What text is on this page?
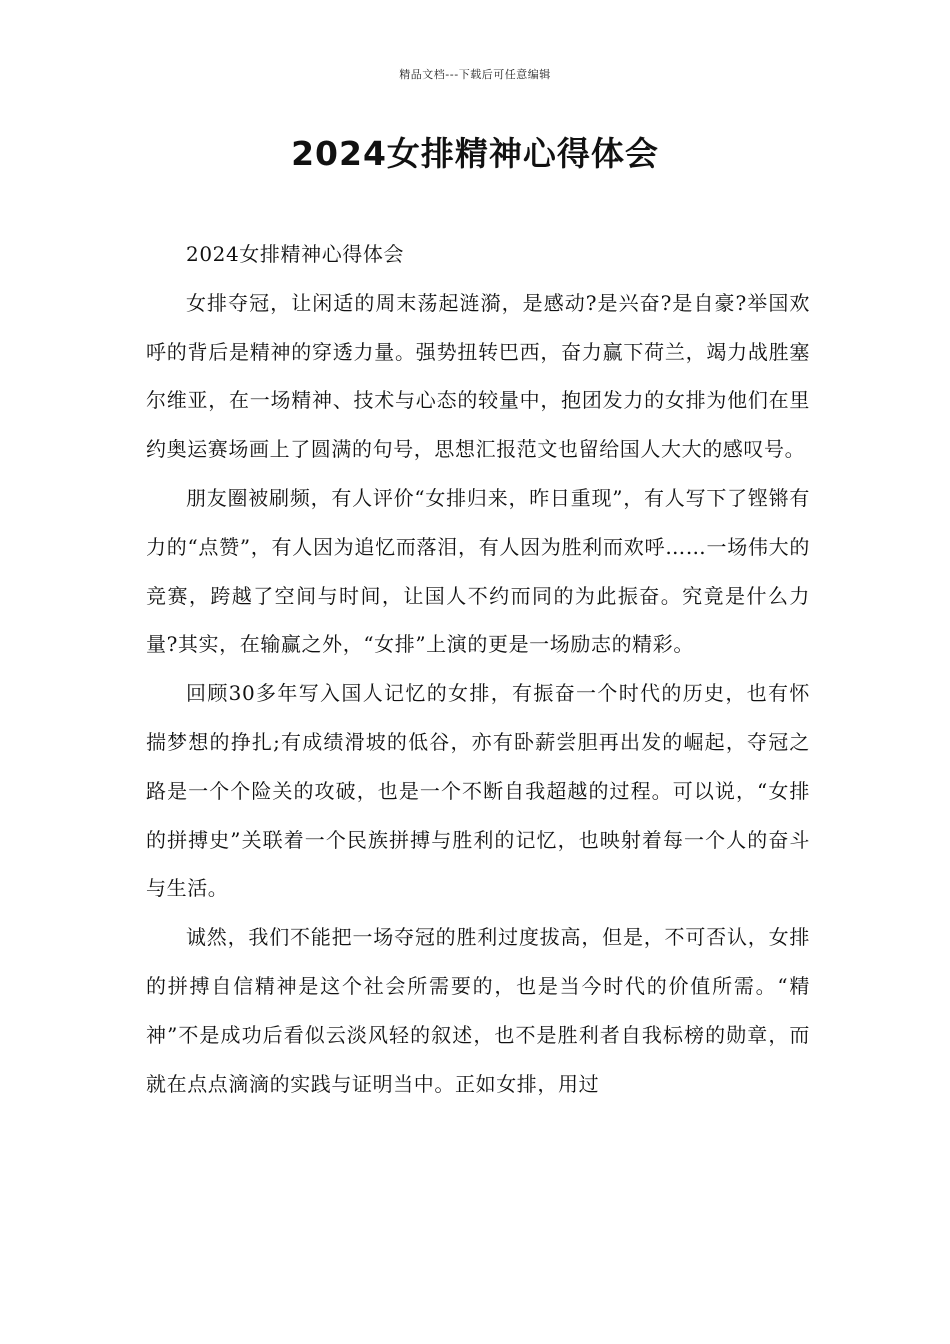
精品文档---下载后可任意编辑
2024女排精神心得体会

2024女排精神心得体会

女排夺冠，让闲适的周末荡起涟漪，是感动?是兴奋?是自豪?举国欢呼的背后是精神的穿透力量。强势扭转巴西，奋力赢下荷兰，竭力战胜塞尔维亚，在一场精神、技术与心态的较量中，抱团发力的女排为他们在里约奥运赛场画上了圆满的句号，思想汇报范文也留给国人大大的感叹号。

朋友圈被刷频，有人评价“女排归来，昨日重现”，有人写下了铿锵有力的“点赞”，有人因为追忆而落泪，有人因为胜利而欢呼……一场伟大的竞赛，跨越了空间与时间，让国人不约而同的为此振奋。究竟是什么力量?其实，在输赢之外，“女排”上演的更是一场励志的精彩。

回顾30多年写入国人记忆的女排，有振奋一个时代的历史，也有怀揣梦想的挣扎;有成绩滑坡的低谷，亦有卧薪尝胆再出发的崛起，夺冠之路是一个个险关的攻破，也是一个不断自我超越的过程。可以说，“女排的拼搏史”关联着一个民族拼搏与胜利的记忆，也映射着每一个人的奋斗与生活。

诚然，我们不能把一场夺冠的胜利过度拔高，但是，不可否认，女排的拼搏自信精神是这个社会所需要的，也是当今时代的价值所需。“精神”不是成功后看似云淡风轻的叙述，也不是胜利者自我标榜的勋章，而就在点点滴滴的实践与证明当中。正如女排，用过
